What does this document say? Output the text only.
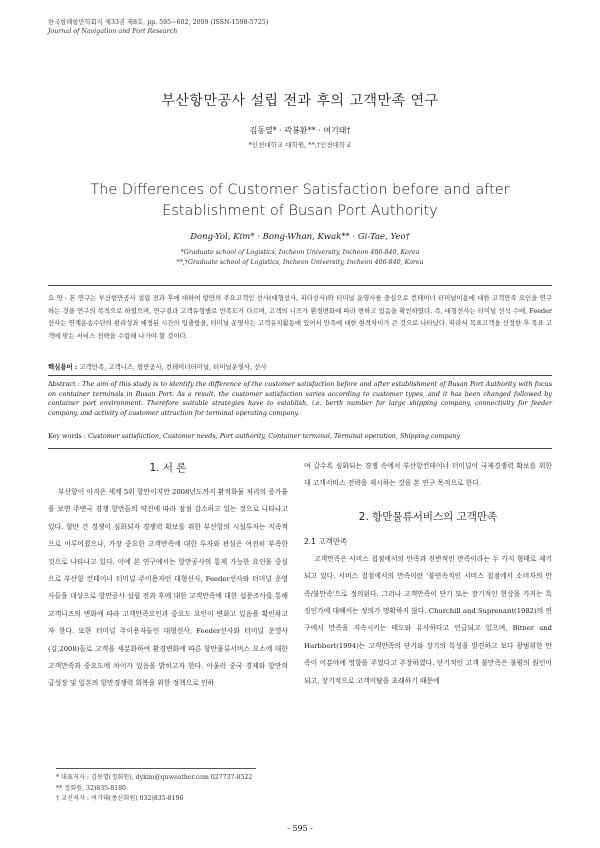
한국항해항만학회지 제33권 제8호, pp. 595~602, 2009 (ISSN-1598-5725)
Journal of Navigation and Port Research
부산항만공사 설립 전과 후의 고객만족 연구
김동열* · 곽봉환** · 여기태†
*인천대학교 대학원, **,†인천대학교
The Differences of Customer Satisfaction before and after Establishment of Busan Port Authority
Dong-Yol, Kim* · Bong-Whan, Kwak** · Gi-Tae, Yeo†
*Graduate school of Logistics, Incheon University, Incheon 406-840, Korea
**,†Graduate school of Logistics, Incheon University, Incheon 406-840, Korea
요 약 : 본 연구는 부산항만공사 설립 전과 후에 대하여 항만의 주요고객인 선사(대형선사, 피더선사)와 터미널 운영사를 중심으로 컨테이너 터미널이용에 대한 고객만족 요인을 연구하는 것을 연구의 목적으로 하였으며, 연구결과 고객유형별로 만족도가 다르며, 고객의 니즈가 환경변화에 따라 변하고 있음을 확인하였다. 즉, 대형선사는 터미널 선석 수에, Feeder선사는 연계운송수단의 편리성과 예정된 시간의 입출항을, 터미널 운영사는 고객유치활동에 있어서 만족에 대한 현격차이가 큰 것으로 나타났다. 따라서 목표고객을 선정한 후 목표 고객에 맞는 서비스 전략을 수립해 나가야 할 것이다.
핵심용어 : 고객만족, 고객니즈, 항만공사, 컨테이너터미널, 터미널운영사, 선사
Abstract : The aim of this study is to identify the difference of the customer satisfaction before and after establishment of Busan Port Authority with focus on container terminals in Busan Port. As a result, the customer satisfaction varies according to customer types, and it has been changed followed by container port environment. Therefore suitable strategies have to establish, i.e. berth number for large shipping company, connectivity for feeder company, and activity of customer attraction for terminal operating company.
Key words : Customer satisfaction, Customer needs, Port authority, Container terminal, Terminal operation, Shipping company
1. 서 론

부산항이 아직은 세계 5위 항만이지만 2008년도까지 환적화물 처리의 증가율을 보면 주변국 경쟁 항만들의 약진에 따라 점점 감소하고 있는 것으로 나타나고 있다. 향만 간 경쟁이 심화되자 경쟁력 확보를 위한 부산항의 시설투자는 지속적으로 이루어졌으나, 가장 중요한 고객만족에 대한 투자와 관심은 여전히 부족한 것으로 나타나고 있다. 이에 본 연구에서는 항만공사의 통제 가능한 요인을 중심으로 부산항 컨테이너 터미널 주이용자인 대형선사, Feeder선사와 터미널 운영사들을 대상으로 항만공사 설립 전과 후에 대한 고객만족에 대한 설문조사를 통해 고객니즈의 변화에 따라 고객만족요인과 중요도 요인이 변화고 있음을 확인하고자 한다. 또한 터미널 주이용자들인 대형선사, Feeder선사와 터미널 운영사(김,2008)들로 고객을 세분화하여 환경변화에 따른 항만물류서비스 요소에 대한 고객만족과 중요도에 차이가 있음을 밝히고자 한다. 아울러 중국 경제와 항만의 급성장 및 일본의 항만경쟁력 회복을 위한 정책으로 인하

여 갈수록 심화되는 경쟁 속에서 부산항컨테이너 터미널이 국제경쟁력 확보를 위한 대 고객서비스 전략을 제시하는 것을 본 연구 목적으로 한다.

2. 항만물류서비스의 고객만족
2.1 고객만족

고객만족은 서비스 접점에서의 만족과 전반적인 만족이라는 두 가지 형태로 제기되고 있다. 서비스 접점에서의 만족이란 '불연속적인 서비스 접점에서 소비자의 만족/불만족'으로 정의된다. 그러나 고객만족이 단기 또는 장기적인 현상을 가지는 특징인가에 대해서는 정의가 명확하지 않다. Churchill and Suprenant(1982)의 연구에서 만족을 지속시키는 태도와 유사하다고 언급되고 있으며, Bitner and Hurbbert(1994)는 고객만족의 단기와 장기의 특성을 발견하고 보다 광범위한 만족이 이분야에 영향을 주었다고 주장하였다. 단기적인 고객 불만족은 불평의 원인이 되고, 장기적으로 고객이탈을 초래하기 때문에

* 대표저자 : 김동열(정회원), dykim@quweather.com 027737-8522
** 정회원, 32)835-8180
† 교신저자 : 여기태(종신회원) 032)835-8196
- 595 -
